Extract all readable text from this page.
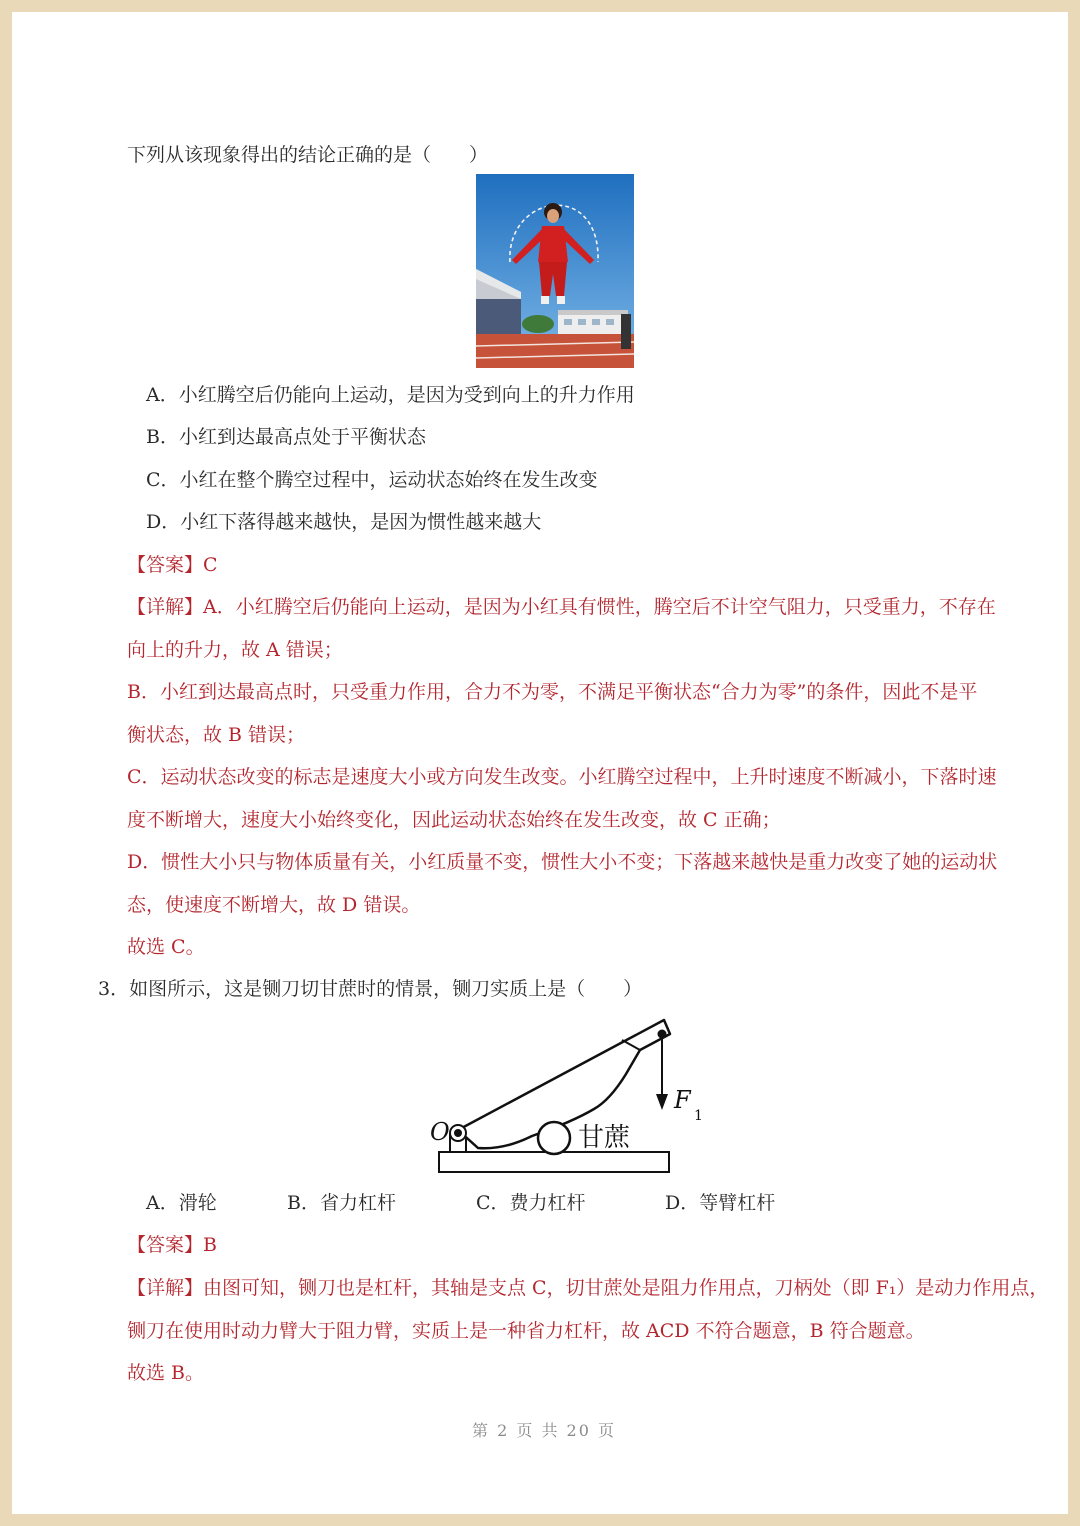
下列从该现象得出的结论正确的是（　　）
A．小红腾空后仍能向上运动，是因为受到向上的升力作用
B．小红到达最高点处于平衡状态
C．小红在整个腾空过程中，运动状态始终在发生改变
D．小红下落得越来越快，是因为惯性越来越大
【答案】C
【详解】A．小红腾空后仍能向上运动，是因为小红具有惯性，腾空后不计空气阻力，只受重力，不存在
向上的升力，故 A 错误；
B．小红到达最高点时，只受重力作用，合力不为零，不满足平衡状态“合力为零”的条件，因此不是平
衡状态，故 B 错误；
C．运动状态改变的标志是速度大小或方向发生改变。小红腾空过程中，上升时速度不断减小，下落时速
度不断增大，速度大小始终变化，因此运动状态始终在发生改变，故 C 正确；
D．惯性大小只与物体质量有关，小红质量不变，惯性大小不变；下落越来越快是重力改变了她的运动状
态，使速度不断增大，故 D 错误。
故选 C。
3．如图所示，这是铡刀切甘蔗时的情景，铡刀实质上是（　　）
O
F
1
甘蔗
A．滑轮	B．省力杠杆	C．费力杠杆	D．等臂杠杆
【答案】B
【详解】由图可知，铡刀也是杠杆，其轴是支点 C，切甘蔗处是阻力作用点，刀柄处（即 F₁）是动力作用点，
铡刀在使用时动力臂大于阻力臂，实质上是一种省力杠杆，故 ACD 不符合题意，B 符合题意。
故选 B。
第 2 页 共 20 页
